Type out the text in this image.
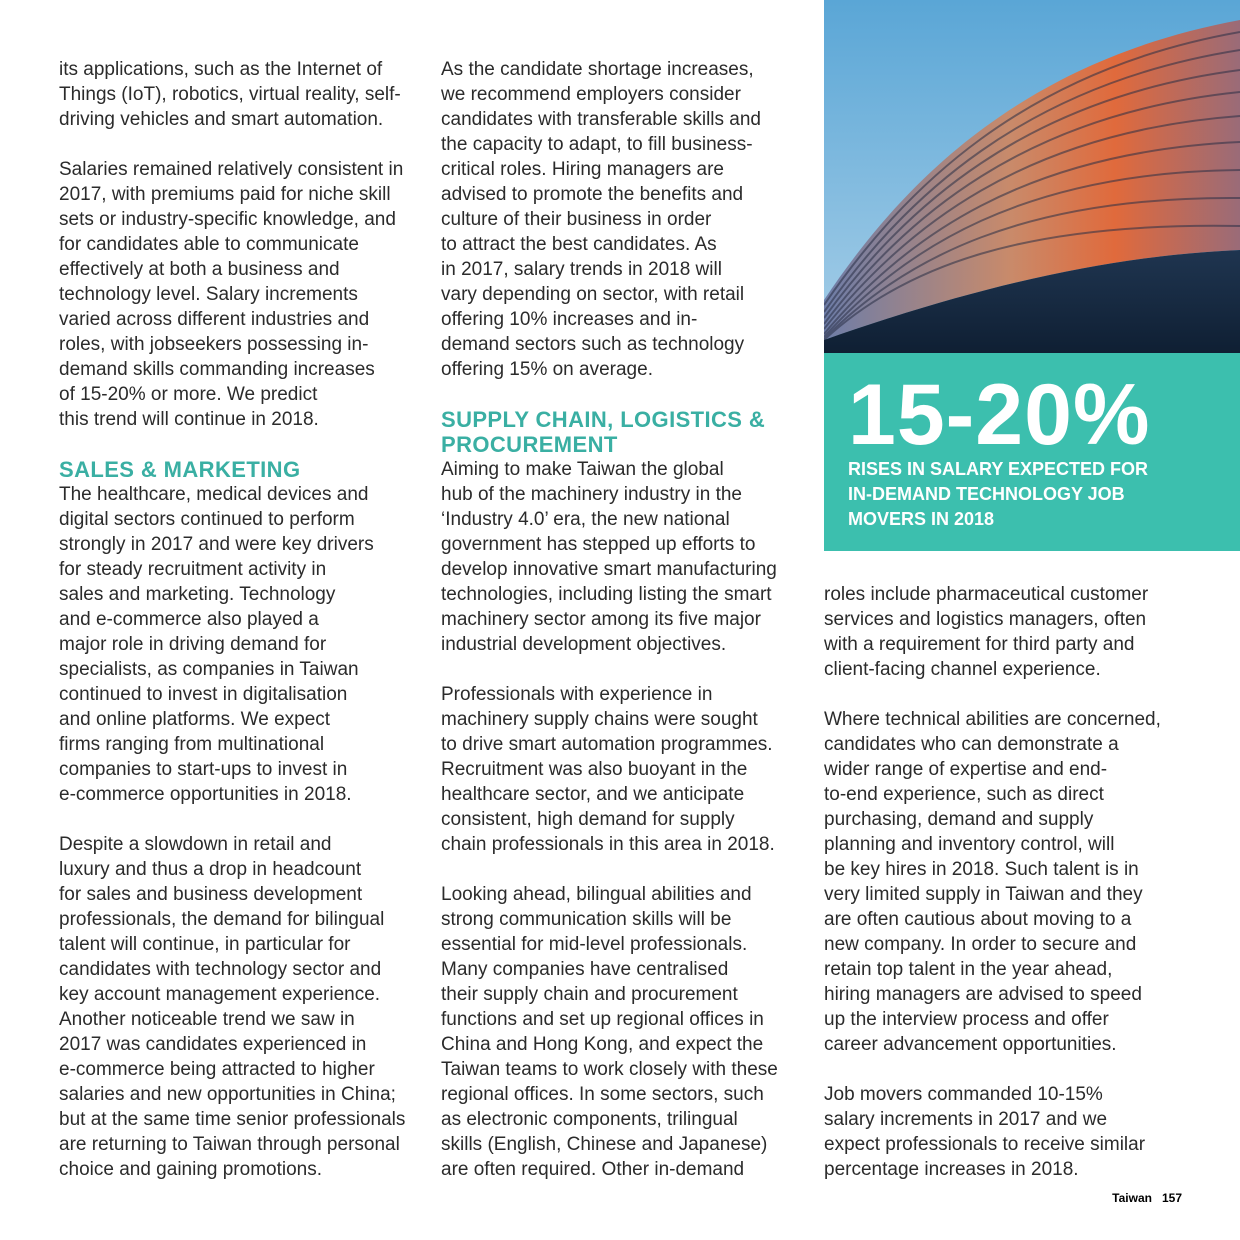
its applications, such as the Internet of
Things (IoT), robotics, virtual reality, self-
driving vehicles and smart automation.

Salaries remained relatively consistent in
2017, with premiums paid for niche skill
sets or industry-specific knowledge, and
for candidates able to communicate
effectively at both a business and
technology level. Salary increments
varied across different industries and
roles, with jobseekers possessing in-
demand skills commanding increases
of 15-20% or more. We predict
this trend will continue in 2018.

SALES & MARKETING

The healthcare, medical devices and
digital sectors continued to perform
strongly in 2017 and were key drivers
for steady recruitment activity in
sales and marketing. Technology
and e-commerce also played a
major role in driving demand for
specialists, as companies in Taiwan
continued to invest in digitalisation
and online platforms. We expect
firms ranging from multinational
companies to start-ups to invest in
e-commerce opportunities in 2018.

Despite a slowdown in retail and
luxury and thus a drop in headcount
for sales and business development
professionals, the demand for bilingual
talent will continue, in particular for
candidates with technology sector and
key account management experience.
Another noticeable trend we saw in
2017 was candidates experienced in
e-commerce being attracted to higher
salaries and new opportunities in China;
but at the same time senior professionals
are returning to Taiwan through personal
choice and gaining promotions.

As the candidate shortage increases,
we recommend employers consider
candidates with transferable skills and
the capacity to adapt, to fill business-
critical roles. Hiring managers are
advised to promote the benefits and
culture of their business in order
to attract the best candidates. As
in 2017, salary trends in 2018 will
vary depending on sector, with retail
offering 10% increases and in-
demand sectors such as technology
offering 15% on average.

SUPPLY CHAIN, LOGISTICS &
PROCUREMENT

Aiming to make Taiwan the global
hub of the machinery industry in the
‘Industry 4.0’ era, the new national
government has stepped up efforts to
develop innovative smart manufacturing
technologies, including listing the smart
machinery sector among its five major
industrial development objectives.

Professionals with experience in
machinery supply chains were sought
to drive smart automation programmes.
Recruitment was also buoyant in the
healthcare sector, and we anticipate
consistent, high demand for supply
chain professionals in this area in 2018.

Looking ahead, bilingual abilities and
strong communication skills will be
essential for mid-level professionals.
Many companies have centralised
their supply chain and procurement
functions and set up regional offices in
China and Hong Kong, and expect the
Taiwan teams to work closely with these
regional offices. In some sectors, such
as electronic components, trilingual
skills (English, Chinese and Japanese)
are often required. Other in-demand

15-20%
RISES IN SALARY EXPECTED FOR
IN-DEMAND TECHNOLOGY JOB
MOVERS IN 2018

roles include pharmaceutical customer
services and logistics managers, often
with a requirement for third party and
client-facing channel experience.

Where technical abilities are concerned,
candidates who can demonstrate a
wider range of expertise and end-
to-end experience, such as direct
purchasing, demand and supply
planning and inventory control, will
be key hires in 2018. Such talent is in
very limited supply in Taiwan and they
are often cautious about moving to a
new company. In order to secure and
retain top talent in the year ahead,
hiring managers are advised to speed
up the interview process and offer
career advancement opportunities.

Job movers commanded 10-15%
salary increments in 2017 and we
expect professionals to receive similar
percentage increases in 2018.

Taiwan 157
